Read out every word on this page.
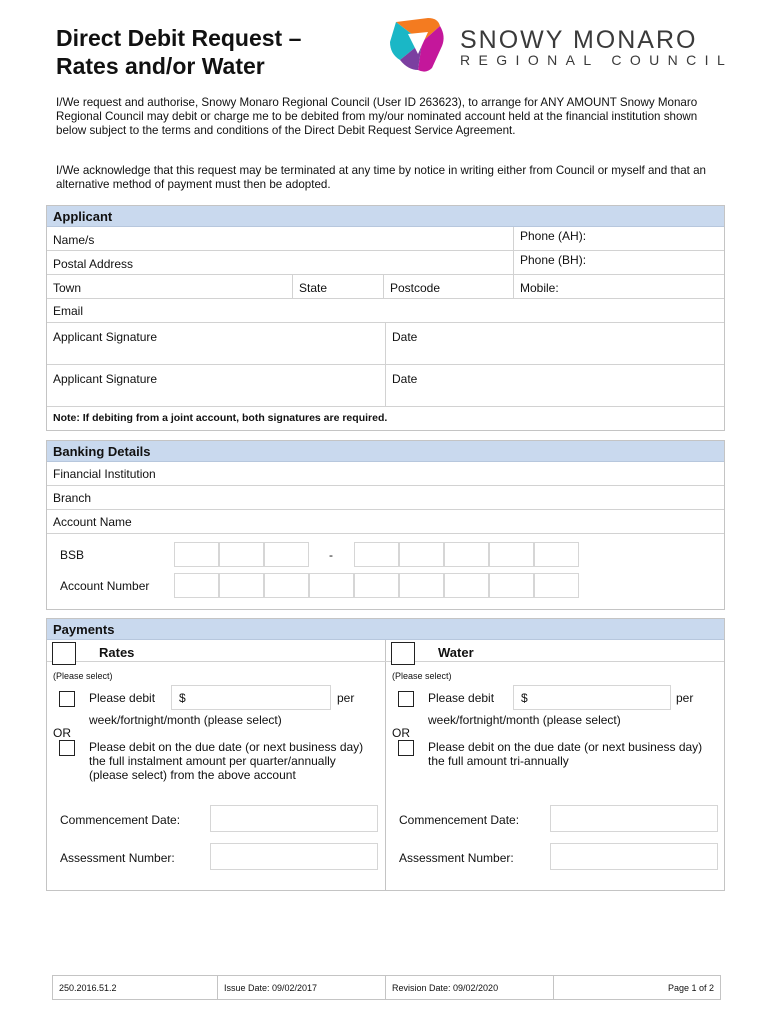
Direct Debit Request –
Rates and/or Water
SNOWY MONARO
REGIONAL COUNCIL
I/We request and authorise, Snowy Monaro Regional Council (User ID 263623), to arrange for ANY AMOUNT Snowy Monaro Regional Council may debit or charge me to be debited from my/our nominated account held at the financial institution shown below subject to the terms and conditions of the Direct Debit Request Service Agreement.
I/We acknowledge that this request may be terminated at any time by notice in writing either from Council or myself and that an alternative method of payment must then be adopted.
Applicant
Name/s	Phone (AH):
Postal Address	Phone (BH):
Town	State	Postcode	Mobile:
Email
Applicant Signature	Date
Applicant Signature	Date
Note: If debiting from a joint account, both signatures are required.
Banking Details
Financial Institution
Branch
Account Name
BSB	-
Account Number
Payments
Rates
(Please select)
Please debit $	per
week/fortnight/month (please select)
OR
Please debit on the due date (or next business day) the full instalment amount per quarter/annually (please select) from the above account
Commencement Date:
Assessment Number:
Water
(Please select)
Please debit $	per
week/fortnight/month (please select)
OR
Please debit on the due date (or next business day) the full amount tri-annually
Commencement Date:
Assessment Number:
250.2016.51.2	Issue Date: 09/02/2017	Revision Date: 09/02/2020	Page 1 of 2
